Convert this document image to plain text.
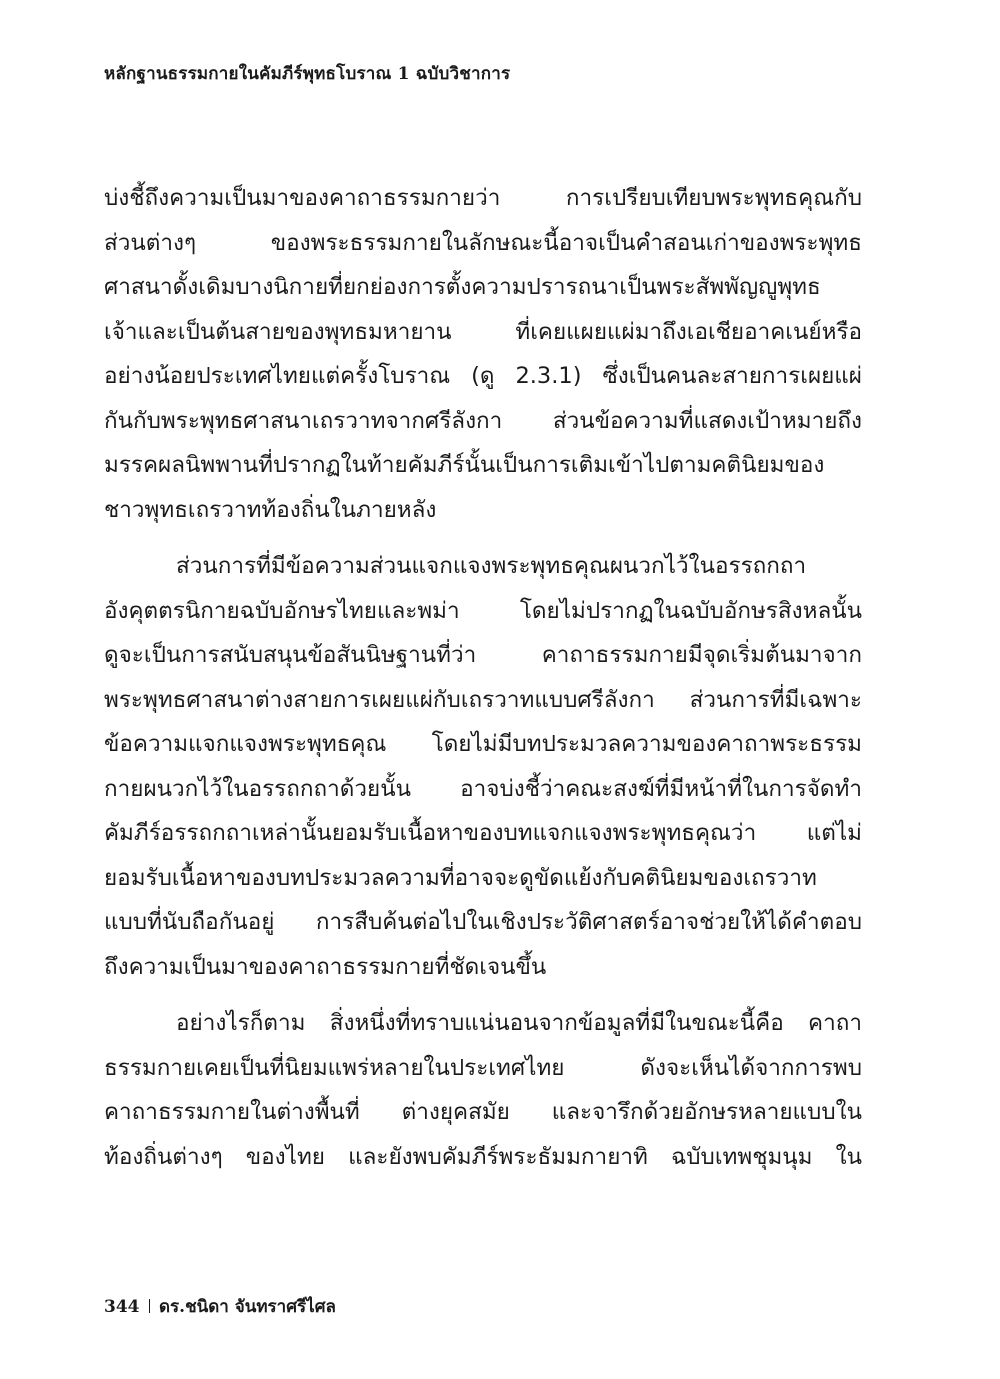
หลักฐานธรรมกายในคัมภีร์พุทธโบราณ 1 ฉบับวิชาการ
บ่งชี้ถึงความเป็นมาของคาถาธรรมกายว่า การเปรียบเทียบพระพุทธคุณกับ
ส่วนต่างๆ ของพระธรรมกายในลักษณะนี้อาจเป็นคำสอนเก่าของพระพุทธ
ศาสนาดั้งเดิมบางนิกายที่ยกย่องการตั้งความปรารถนาเป็นพระสัพพัญญูพุทธ
เจ้าและเป็นต้นสายของพุทธมหายาน ที่เคยแผยแผ่มาถึงเอเชียอาคเนย์หรือ
อย่างน้อยประเทศไทยแต่ครั้งโบราณ (ดู 2.3.1) ซึ่งเป็นคนละสายการเผยแผ่
กันกับพระพุทธศาสนาเถรวาทจากศรีลังกา ส่วนข้อความที่แสดงเป้าหมายถึง
มรรคผลนิพพานที่ปรากฏในท้ายคัมภีร์นั้นเป็นการเติมเข้าไปตามคตินิยมของ
ชาวพุทธเถรวาทท้องถิ่นในภายหลัง
ส่วนการที่มีข้อความส่วนแจกแจงพระพุทธคุณผนวกไว้ในอรรถกถา
อังคุตตรนิกายฉบับอักษรไทยและพม่า โดยไม่ปรากฏในฉบับอักษรสิงหลนั้น
ดูจะเป็นการสนับสนุนข้อสันนิษฐานที่ว่า คาถาธรรมกายมีจุดเริ่มต้นมาจาก
พระพุทธศาสนาต่างสายการเผยแผ่กับเถรวาทแบบศรีลังกา ส่วนการที่มีเฉพาะ
ข้อความแจกแจงพระพุทธคุณ โดยไม่มีบทประมวลความของคาถาพระธรรม
กายผนวกไว้ในอรรถกถาด้วยนั้น อาจบ่งชี้ว่าคณะสงฆ์ที่มีหน้าที่ในการจัดทำ
คัมภีร์อรรถกถาเหล่านั้นยอมรับเนื้อหาของบทแจกแจงพระพุทธคุณว่า แต่ไม่
ยอมรับเนื้อหาของบทประมวลความที่อาจจะดูขัดแย้งกับคตินิยมของเถรวาท
แบบที่นับถือกันอยู่ การสืบค้นต่อไปในเชิงประวัติศาสตร์อาจช่วยให้ได้คำตอบ
ถึงความเป็นมาของคาถาธรรมกายที่ชัดเจนขึ้น
อย่างไรก็ตาม สิ่งหนึ่งที่ทราบแน่นอนจากข้อมูลที่มีในขณะนี้คือ คาถา
ธรรมกายเคยเป็นที่นิยมแพร่หลายในประเทศไทย ดังจะเห็นได้จากการพบ
คาถาธรรมกายในต่างพื้นที่ ต่างยุคสมัย และจารึกด้วยอักษรหลายแบบใน
ท้องถิ่นต่างๆ ของไทย และยังพบคัมภีร์พระธัมมกายาทิ ฉบับเทพชุมนุม ใน
344 ดร.ชนิดา จันทราศรีไศล
